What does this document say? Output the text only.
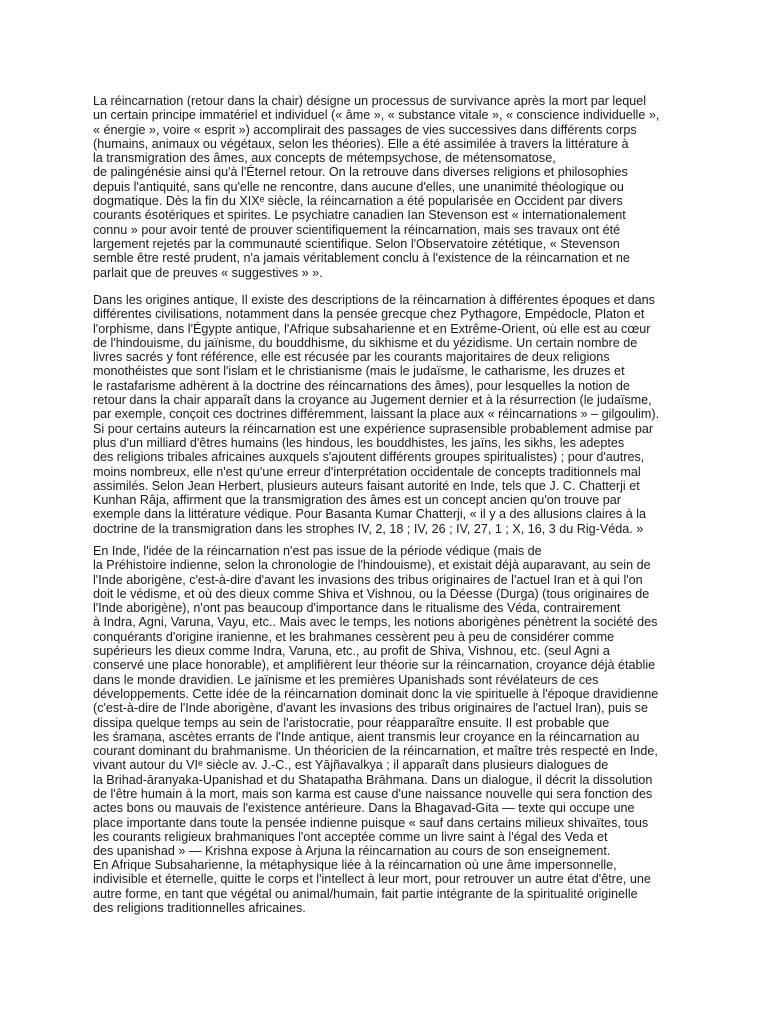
La réincarnation (retour dans la chair) désigne un processus de survivance après la mort par lequel
un certain principe immatériel et individuel (« âme », « substance vitale », « conscience individuelle »,
« énergie », voire « esprit ») accomplirait des passages de vies successives dans différents corps
(humains, animaux ou végétaux, selon les théories). Elle a été assimilée à travers la littérature à
la transmigration des âmes, aux concepts de métempsychose, de métensomatose,
de palingénésie ainsi qu'à l'Éternel retour. On la retrouve dans diverses religions et philosophies
depuis l'antiquité, sans qu'elle ne rencontre, dans aucune d'elles, une unanimité théologique ou
dogmatique. Dès la fin du XIXᵉ siècle, la réincarnation a été popularisée en Occident par divers
courants ésotériques et spirites. Le psychiatre canadien Ian Stevenson est « internationalement
connu » pour avoir tenté de prouver scientifiquement la réincarnation, mais ses travaux ont été
largement rejetés par la communauté scientifique. Selon l'Observatoire zététique, « Stevenson
semble être resté prudent, n'a jamais véritablement conclu à l'existence de la réincarnation et ne
parlait que de preuves « suggestives » ».
Dans les origines antique, Il existe des descriptions de la réincarnation à différentes époques et dans
différentes civilisations, notamment dans la pensée grecque chez Pythagore, Empédocle, Platon et
l'orphisme, dans l'Égypte antique, l'Afrique subsaharienne et en Extrême-Orient, où elle est au cœur
de l'hindouisme, du jaïnisme, du bouddhisme, du sikhisme et du yézidisme. Un certain nombre de
livres sacrés y font référence, elle est récusée par les courants majoritaires de deux religions
monothéistes que sont l'islam et le christianisme (mais le judaïsme, le catharisme, les druzes et
le rastafarisme adhèrent à la doctrine des réincarnations des âmes), pour lesquelles la notion de
retour dans la chair apparaît dans la croyance au Jugement dernier et à la résurrection (le judaïsme,
par exemple, conçoit ces doctrines différemment, laissant la place aux « réincarnations » – gilgoulim).
Si pour certains auteurs la réincarnation est une expérience suprasensible probablement admise par
plus d'un milliard d'êtres humains (les hindous, les bouddhistes, les jaïns, les sikhs, les adeptes
des religions tribales africaines auxquels s'ajoutent différents groupes spiritualistes) ; pour d'autres,
moins nombreux, elle n'est qu'une erreur d'interprétation occidentale de concepts traditionnels mal
assimilés. Selon Jean Herbert, plusieurs auteurs faisant autorité en Inde, tels que J. C. Chatterji et
Kunhan Râja, affirment que la transmigration des âmes est un concept ancien qu'on trouve par
exemple dans la littérature védique. Pour Basanta Kumar Chatterji, « il y a des allusions claires à la
doctrine de la transmigration dans les strophes IV, 2, 18 ; IV, 26 ; IV, 27, 1 ; X, 16, 3 du Rig-Véda. »
En Inde, l'idée de la réincarnation n'est pas issue de la période védique (mais de
la Préhistoire indienne, selon la chronologie de l'hindouisme), et existait déjà auparavant, au sein de
l'Inde aborigène, c'est-à-dire d'avant les invasions des tribus originaires de l'actuel Iran et à qui l'on
doit le védisme, et où des dieux comme Shiva et Vishnou, ou la Déesse (Durga) (tous originaires de
l'Inde aborigène), n'ont pas beaucoup d'importance dans le ritualisme des Véda, contrairement
à Indra, Agni, Varuna, Vayu, etc.. Mais avec le temps, les notions aborigènes pénètrent la société des
conquérants d'origine iranienne, et les brahmanes cessèrent peu à peu de considérer comme
supérieurs les dieux comme Indra, Varuna, etc., au profit de Shiva, Vishnou, etc. (seul Agni a
conservé une place honorable), et amplifièrent leur théorie sur la réincarnation, croyance déjà établie
dans le monde dravidien. Le jaïnisme et les premières Upanishads sont révélateurs de ces
développements. Cette idée de la réincarnation dominait donc la vie spirituelle à l'époque dravidienne
(c'est-à-dire de l'Inde aborigène, d'avant les invasions des tribus originaires de l'actuel Iran), puis se
dissipa quelque temps au sein de l'aristocratie, pour réapparaître ensuite. Il est probable que
les śramaṇa, ascètes errants de l'Inde antique, aient transmis leur croyance en la réincarnation au
courant dominant du brahmanisme. Un théoricien de la réincarnation, et maître très respecté en Inde,
vivant autour du VIᵉ siècle av. J.-C., est Yājñavalkya ; il apparaît dans plusieurs dialogues de
la Brihad-āranyaka-Upanishad et du Shatapatha Brāhmana. Dans un dialogue, il décrit la dissolution
de l'être humain à la mort, mais son karma est cause d'une naissance nouvelle qui sera fonction des
actes bons ou mauvais de l'existence antérieure. Dans la Bhagavad-Gita — texte qui occupe une
place importante dans toute la pensée indienne puisque « sauf dans certains milieux shivaïtes, tous
les courants religieux brahmaniques l'ont acceptée comme un livre saint à l'égal des Veda et
des upanishad » — Krishna expose à Arjuna la réincarnation au cours de son enseignement.
En Afrique Subsaharienne, la métaphysique liée à la réincarnation où une âme impersonnelle,
indivisible et éternelle, quitte le corps et l'intellect à leur mort, pour retrouver un autre état d'être, une
autre forme, en tant que végétal ou animal/humain, fait partie intégrante de la spiritualité originelle
des religions traditionnelles africaines.
